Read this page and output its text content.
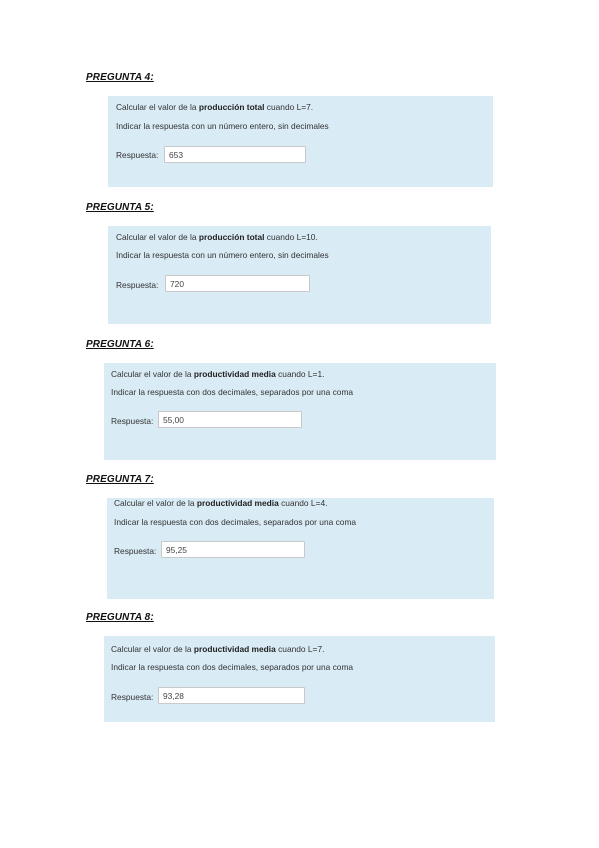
PREGUNTA 4:
Calcular el valor de la producción total cuando L=7.
Indicar la respuesta con un número entero, sin decimales
Respuesta:	653
PREGUNTA 5:
Calcular el valor de la producción total cuando L=10.
Indicar la respuesta con un número entero, sin decimales
Respuesta:	720
PREGUNTA 6:
Calcular el valor de la productividad media cuando L=1.
Indicar la respuesta con dos decimales, separados por una coma
Respuesta:	55,00
PREGUNTA 7:
Calcular el valor de la productividad media cuando L=4.
Indicar la respuesta con dos decimales, separados por una coma
Respuesta:	95,25
PREGUNTA 8:
Calcular el valor de la productividad media cuando L=7.
Indicar la respuesta con dos decimales, separados por una coma
Respuesta:	93,28
